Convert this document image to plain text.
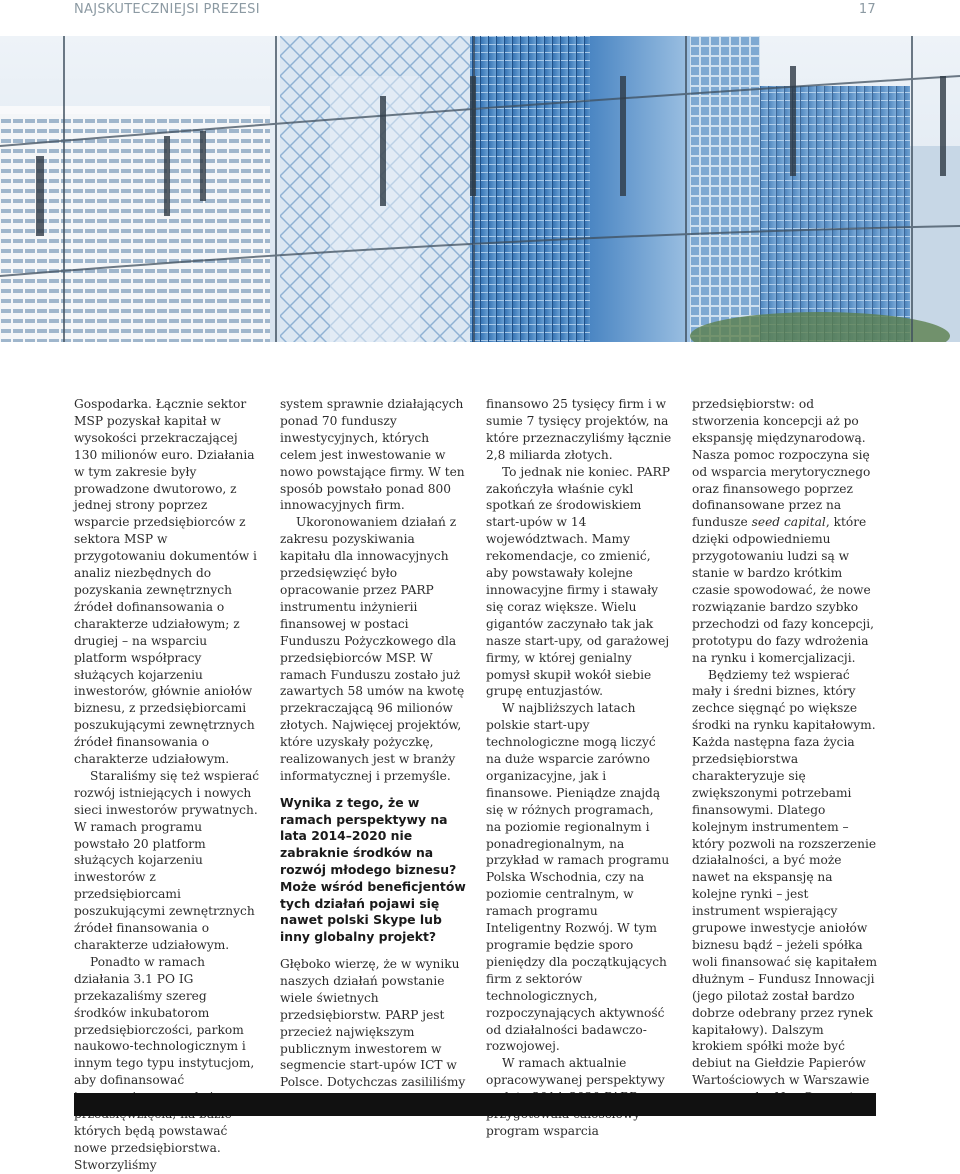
NAJSKUTECZNIEJSI PREZESI	17

Gospodarka. Łącznie sektor MSP pozyskał kapitał w wysokości przekraczającej 130 milionów euro. Działania w tym zakresie były prowadzone dwutorowo, z jednej strony poprzez wsparcie przedsiębiorców z sektora MSP w przygotowaniu dokumentów i analiz niezbędnych do pozyskania zewnętrznych źródeł dofinansowania o charakterze udziałowym; z drugiej – na wsparciu platform współpracy służących kojarzeniu inwestorów, głównie aniołów biznesu, z przedsiębiorcami poszukującymi zewnętrznych źródeł finansowania o charakterze udziałowym.

Staraliśmy się też wspierać rozwój istniejących i nowych sieci inwestorów prywatnych. W ramach programu powstało 20 platform służących kojarzeniu inwestorów z przedsiębiorcami poszukującymi zewnętrznych źródeł finansowania o charakterze udziałowym.

Ponadto w ramach działania 3.1 PO IG przekazaliśmy szereg środków inkubatorom przedsiębiorczości, parkom naukowo-technologicznym i innym tego typu instytucjom, aby dofinansować których będą powstawać nowe przedsiębiorstwa. Stworzyliśmy

system sprawnie działających ponad 70 funduszy inwestycyjnych, których celem jest inwestowanie w nowo powstające firmy. W ten sposób powstało ponad 800 innowacyjnych firm.

Ukoronowaniem działań z zakresu pozyskiwania kapitału dla innowacyjnych przedsięwzięć było opracowanie przez PARP instrumentu inżynierii finansowej w postaci Funduszu Pożyczkowego dla przedsiębiorców MSP. W ramach Funduszu zostało już zawartych 58 umów na kwotę przekraczającą 96 milionów złotych. Najwięcej projektów, które uzyskały pożyczkę, realizowanych jest w branży informatycznej i przemyśle.

Wynika z tego, że w ramach perspektywy na lata 2014–2020 nie zabraknie środków na rozwój młodego biznesu? Może wśród beneficjentów tych działań pojawi się nawet polski Skype lub inny globalny projekt?

Głęboko wierzę, że w wyniku naszych działań powstanie wiele świetnych przedsiębiorstw. PARP jest przecież największym publicznym inwestorem w segmencie start-upów ICT w Polsce. Dotychczas zasililiśmy

finansowo 25 tysięcy firm i w sumie 7 tysięcy projektów, na które przeznaczyliśmy łącznie 2,8 miliarda złotych.

To jednak nie koniec. PARP zakończyła właśnie cykl spotkań ze środowiskiem start-upów w 14 województwach. Mamy rekomendacje, co zmienić, aby powstawały kolejne innowacyjne firmy i stawały się coraz większe. Wielu gigantów zaczynało tak jak nasze start-upy, od garażowej firmy, w której genialny pomysł skupił wokół siebie grupę entuzjastów.

W najbliższych latach polskie start-upy technologiczne mogą liczyć na duże wsparcie zarówno organizacyjne, jak i finansowe. Pieniądze znajdą się w różnych programach, na poziomie regionalnym i ponadregionalnym, na przykład w ramach programu Polska Wschodnia, czy na poziomie centralnym, w ramach programu Inteligentny Rozwój. W tym programie będzie sporo pieniędzy dla początkujących firm z sektorów technologicznych, rozpoczynających aktywność od działalności badawczo-rozwojowej.

W ramach aktualnie opracowywanej perspektywy program wsparcia

przedsiębiorstw: od stworzenia koncepcji aż po ekspansję międzynarodową. Nasza pomoc rozpoczyna się od wsparcia merytorycznego oraz finansowego poprzez dofinansowane przez na fundusze seed capital, które dzięki odpowiedniemu przygotowaniu ludzi są w stanie w bardzo krótkim czasie spowodować, że nowe rozwiązanie bardzo szybko przechodzi od fazy koncepcji, prototypu do fazy wdrożenia na rynku i komercjalizacji.

Będziemy też wspierać mały i średni biznes, który zechce sięgnąć po większe środki na rynku kapitałowym. Każda następna faza życia przedsiębiorstwa charakteryzuje się zwiększonymi potrzebami finansowymi. Dlatego kolejnym instrumentem – który pozwoli na rozszerzenie działalności, a być może nawet na ekspansję na kolejne rynki – jest instrument wspierający grupowe inwestycje aniołów biznesu bądź – jeżeli spółka woli finansować się kapitałem dłużnym – Fundusz Innowacji (jego pilotaż został bardzo dobrze odebrany przez rynek kapitałowy). Dalszym krokiem spółki może być debiut na Giełdzie Papierów Wartościowych w Warszawie
